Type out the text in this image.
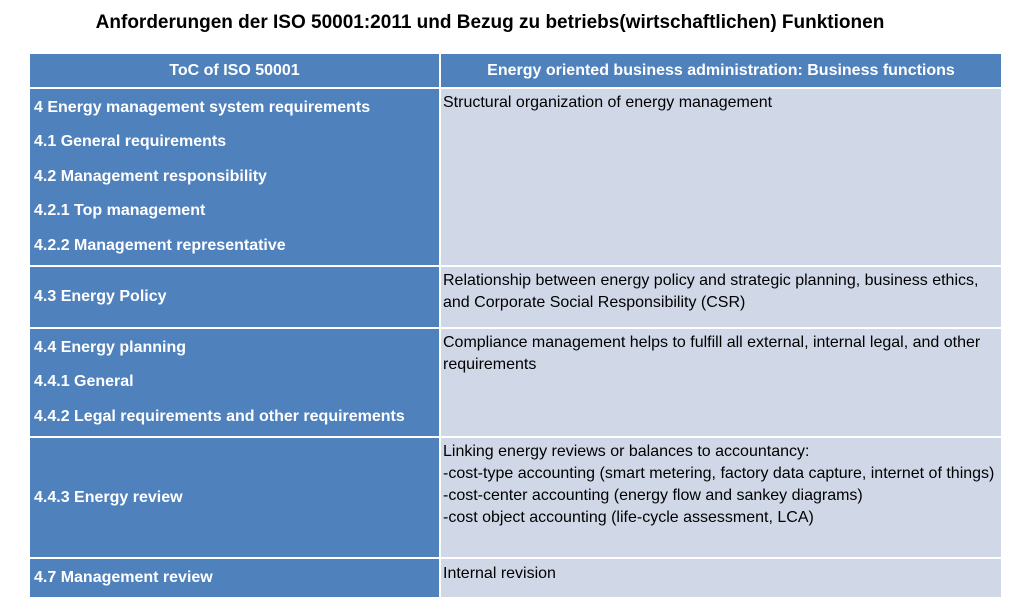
Anforderungen der ISO 50001:2011 und Bezug zu betriebs(wirtschaftlichen) Funktionen
ToC of ISO 50001	Energy oriented business administration: Business functions

4 Energy management system requirements
4.1 General requirements
4.2 Management responsibility
4.2.1 Top management
4.2.2 Management representative	Structural organization of energy management

4.3 Energy Policy	Relationship between energy policy and strategic planning, business ethics, and Corporate Social Responsibility (CSR)

4.4 Energy planning
4.4.1 General
4.4.2 Legal requirements and other requirements	Compliance management helps to fulfill all external, internal legal, and other requirements

4.4.3 Energy review	Linking energy reviews or balances to accountancy:
-cost-type accounting (smart metering, factory data capture, internet of things)
-cost-center accounting (energy flow and sankey diagrams)
-cost object accounting (life-cycle assessment, LCA)

4.7 Management review	Internal revision
